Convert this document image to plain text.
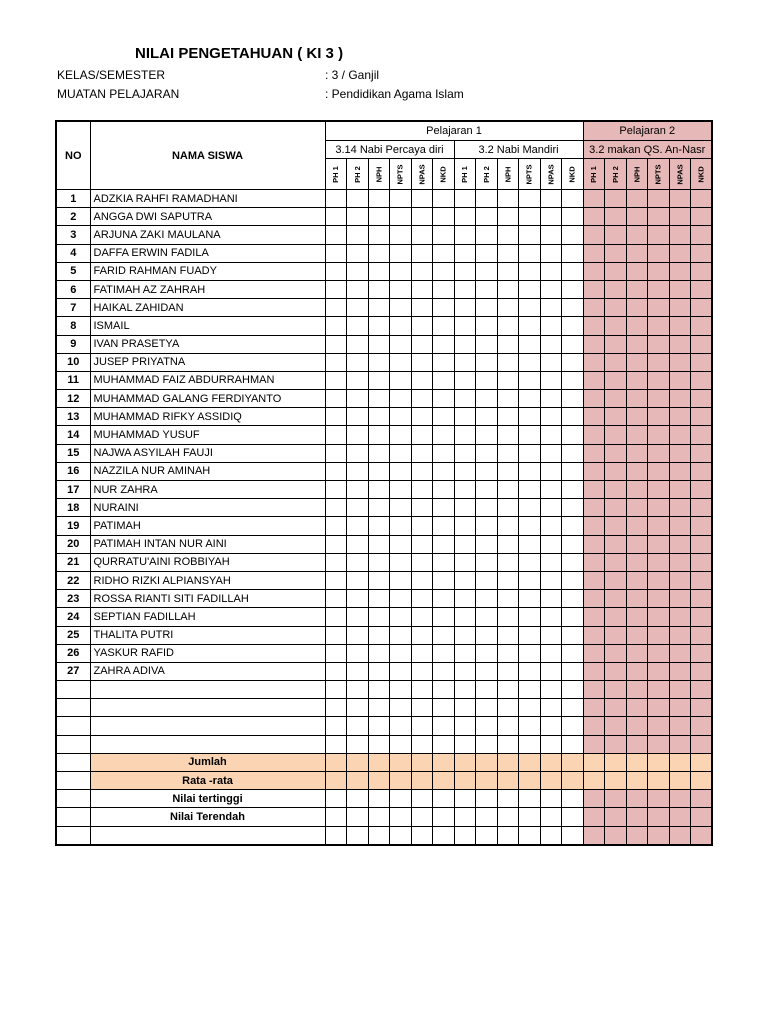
NILAI PENGETAHUAN ( KI 3 )
KELAS/SEMESTER	: 3 / Ganjil
MUATAN PELAJARAN	: Pendidikan Agama Islam
NO	NAMA SISWA	Pelajaran 1												Pelajaran 2					
		3.14 Nabi Percaya diri						3.2 Nabi Mandiri						3.2 makan QS. An-Nasr					
		PH 1	PH 2	NPH	NPTS	NPAS	NKD	PH 1	PH 2	NPH	NPTS	NPAS	NKD	PH 1	PH 2	NPH	NPTS	NPAS	NKD
1	ADZKIA RAHFI RAMADHANI																		
2	ANGGA DWI SAPUTRA																		
3	ARJUNA ZAKI MAULANA																		
4	DAFFA ERWIN FADILA																		
5	FARID RAHMAN FUADY																		
6	FATIMAH AZ ZAHRAH																		
7	HAIKAL ZAHIDAN																		
8	ISMAIL																		
9	IVAN PRASETYA																		
10	JUSEP PRIYATNA																		
11	MUHAMMAD FAIZ ABDURRAHMAN																		
12	MUHAMMAD GALANG FERDIYANTO																		
13	MUHAMMAD RIFKY ASSIDIQ																		
14	MUHAMMAD YUSUF																		
15	NAJWA ASYILAH FAUJI																		
16	NAZZILA NUR AMINAH																		
17	NUR ZAHRA																		
18	NURAINI																		
19	PATIMAH																		
20	PATIMAH INTAN NUR AINI																		
21	QURRATU'AINI ROBBIYAH																		
22	RIDHO RIZKI ALPIANSYAH																		
23	ROSSA RIANTI SITI FADILLAH																		
24	SEPTIAN FADILLAH																		
25	THALITA PUTRI																		
26	YASKUR RAFID																		
27	ZAHRA ADIVA																		

	Jumlah																		
	Rata -rata																		
	Nilai tertinggi																		
	Nilai Terendah																		
